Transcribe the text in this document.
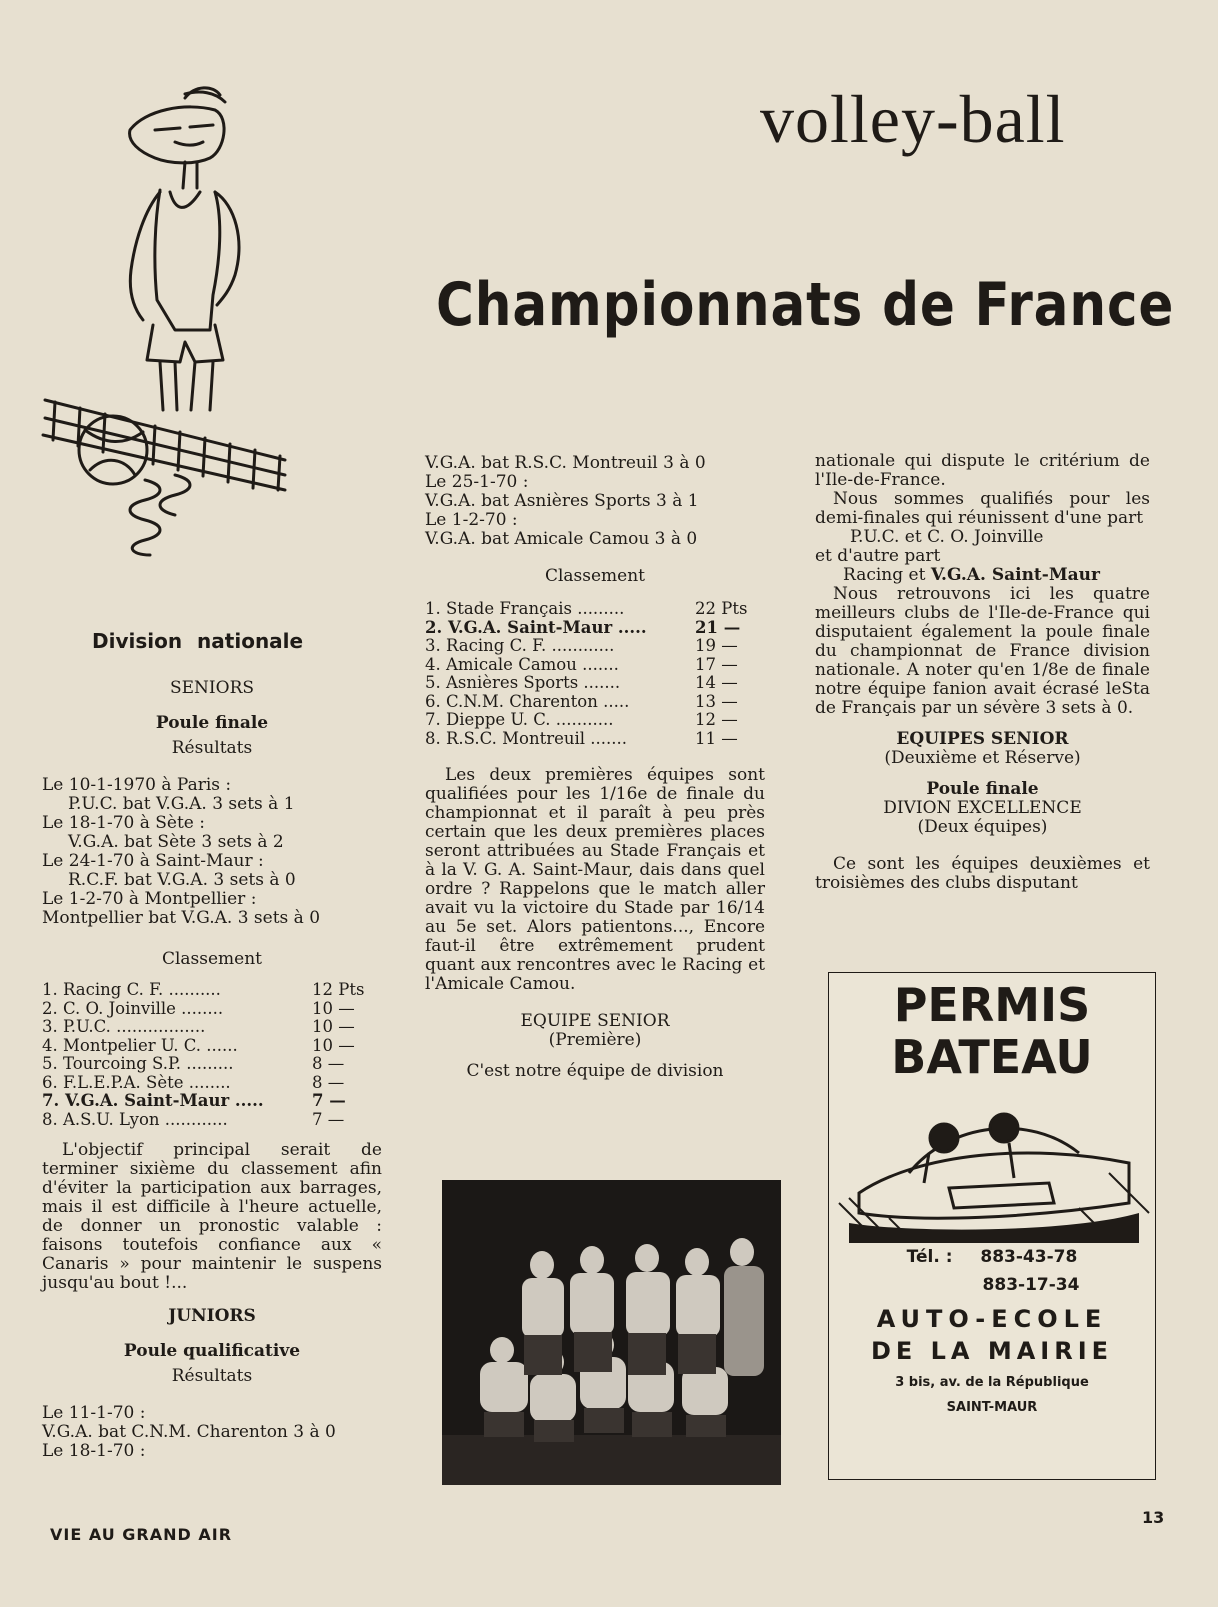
volley-ball
Championnats de France
Division nationale
SENIORS
Poule finale
Résultats
Le 10-1-1970 à Paris :
P.U.C. bat V.G.A. 3 sets à 1
Le 18-1-70 à Sète :
V.G.A. bat Sète 3 sets à 2
Le 24-1-70 à Saint-Maur :
R.C.F. bat V.G.A. 3 sets à 0
Le 1-2-70 à Montpellier :
Montpellier bat V.G.A. 3 sets à 0
Classement
1. Racing C. F. ..........	12 Pts
2. C. O. Joinville ........	10 —
3. P.U.C. .................	10 —
4. Montpelier U. C. ......	10 —
5. Tourcoing S.P. .........	8 —
6. F.L.E.P.A. Sète ........	8 —
7. V.G.A. Saint-Maur .....	7 —
8. A.S.U. Lyon ............	7 —

L'objectif principal serait de terminer sixième du classement afin d'éviter la participation aux barrages, mais il est difficile à l'heure actuelle, de donner un pronostic valable : faisons toutefois confiance aux « Canaris » pour maintenir le suspens jusqu'au bout !...

JUNIORS
Poule qualificative
Résultats
Le 11-1-70 :
V.G.A. bat C.N.M. Charenton 3 à 0
Le 18-1-70 :
V.G.A. bat R.S.C. Montreuil 3 à 0
Le 25-1-70 :
V.G.A. bat Asnières Sports 3 à 1
Le 1-2-70 :
V.G.A. bat Amicale Camou 3 à 0
Classement
1. Stade Français .........	22 Pts
2. V.G.A. Saint-Maur .....	21 —
3. Racing C. F. ............	19 —
4. Amicale Camou .......	17 —
5. Asnières Sports .......	14 —
6. C.N.M. Charenton .....	13 —
7. Dieppe U. C. ...........	12 —
8. R.S.C. Montreuil .......	11 —

Les deux premières équipes sont qualifiées pour les 1/16e de finale du championnat et il paraît à peu près certain que les deux premières places seront attribuées au Stade Français et à la V. G. A. Saint-Maur, dais dans quel ordre ? Rappelons que le match aller avait vu la victoire du Stade par 16/14 au 5e set. Alors patientons..., Encore faut-il être extrêmement prudent quant aux rencontres avec le Racing et l'Amicale Camou.

EQUIPE SENIOR
(Première)
C'est notre équipe de division

nationale qui dispute le critérium de l'Ile-de-France.

Nous sommes qualifiés pour les demi-finales qui réunissent d'une part

P.U.C. et C. O. Joinville
et d'autre part
Racing et V.G.A. Saint-Maur

Nous retrouvons ici les quatre meilleurs clubs de l'Ile-de-France qui disputaient également la poule finale du championnat de France division nationale. A noter qu'en 1/8e de finale notre équipe fanion avait écrasé leSta de Français par un sévère 3 sets à 0.

EQUIPES SENIOR
(Deuxième et Réserve)
Poule finale
DIVION EXCELLENCE
(Deux équipes)

Ce sont les équipes deuxièmes et troisièmes des clubs disputant

PERMIS
BATEAU
Tél. : 883-43-78
883-17-34
AUTO-ECOLE
DE LA MAIRIE
3 bis, av. de la République
SAINT-MAUR
VIE AU GRAND AIR
13
